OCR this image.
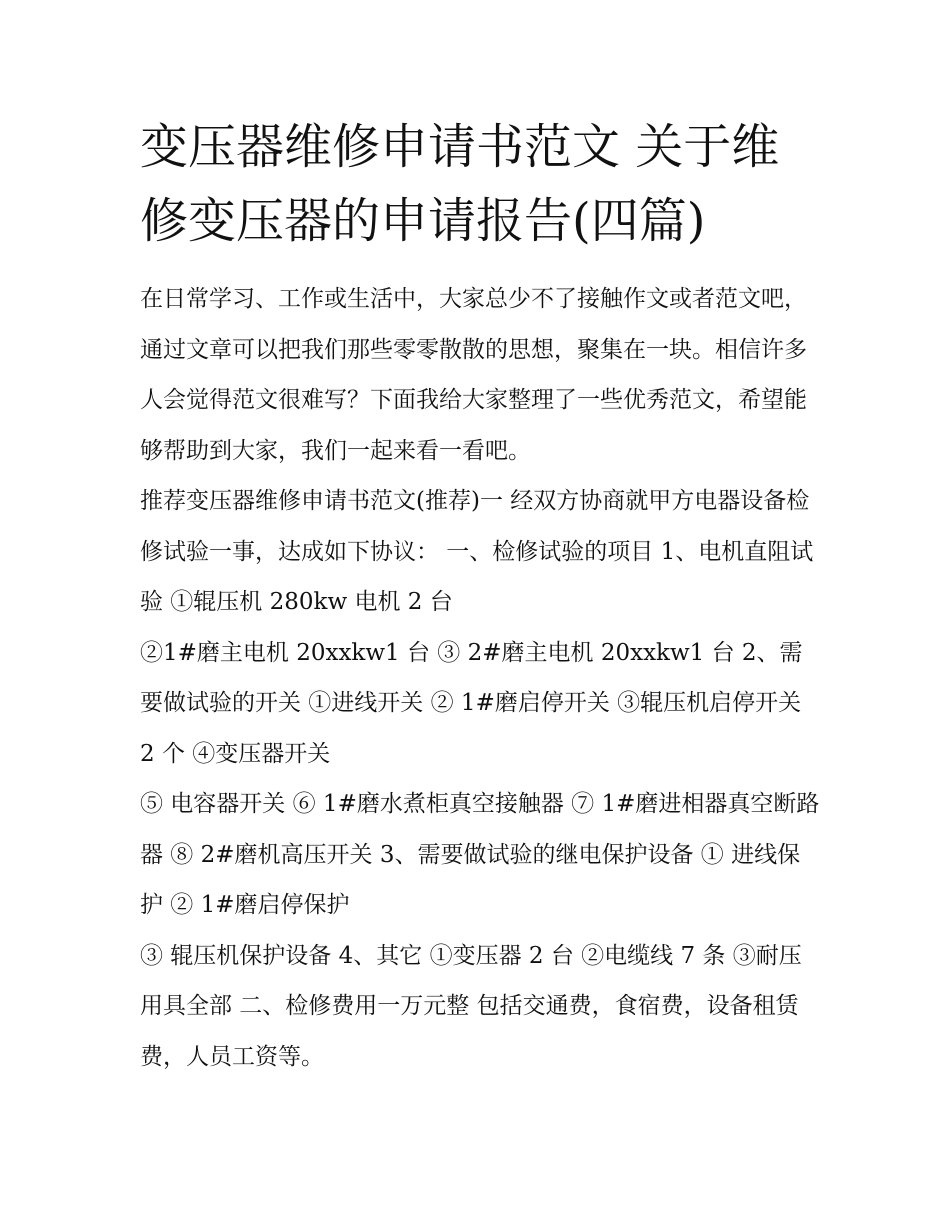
变压器维修申请书范文 关于维修变压器的申请报告(四篇)

在日常学习、工作或生活中，大家总少不了接触作文或者范文吧，通过文章可以把我们那些零零散散的思想，聚集在一块。相信许多人会觉得范文很难写？下面我给大家整理了一些优秀范文，希望能够帮助到大家，我们一起来看一看吧。

推荐变压器维修申请书范文(推荐)一 经双方协商就甲方电器设备检修试验一事，达成如下协议： 一、检修试验的项目 1、电机直阻试验 ①辊压机 280kw 电机 2 台

②1#磨主电机 20xxkw1 台 ③ 2#磨主电机 20xxkw1 台 2、需要做试验的开关 ①进线开关 ② 1#磨启停开关 ③辊压机启停开关 2 个 ④变压器开关

⑤ 电容器开关 ⑥ 1#磨水煮柜真空接触器 ⑦ 1#磨进相器真空断路器 ⑧ 2#磨机高压开关 3、需要做试验的继电保护设备 ① 进线保护 ② 1#磨启停保护

③ 辊压机保护设备 4、其它 ①变压器 2 台 ②电缆线 7 条 ③耐压用具全部 二、检修费用一万元整 包括交通费，食宿费，设备租赁费，人员工资等。
